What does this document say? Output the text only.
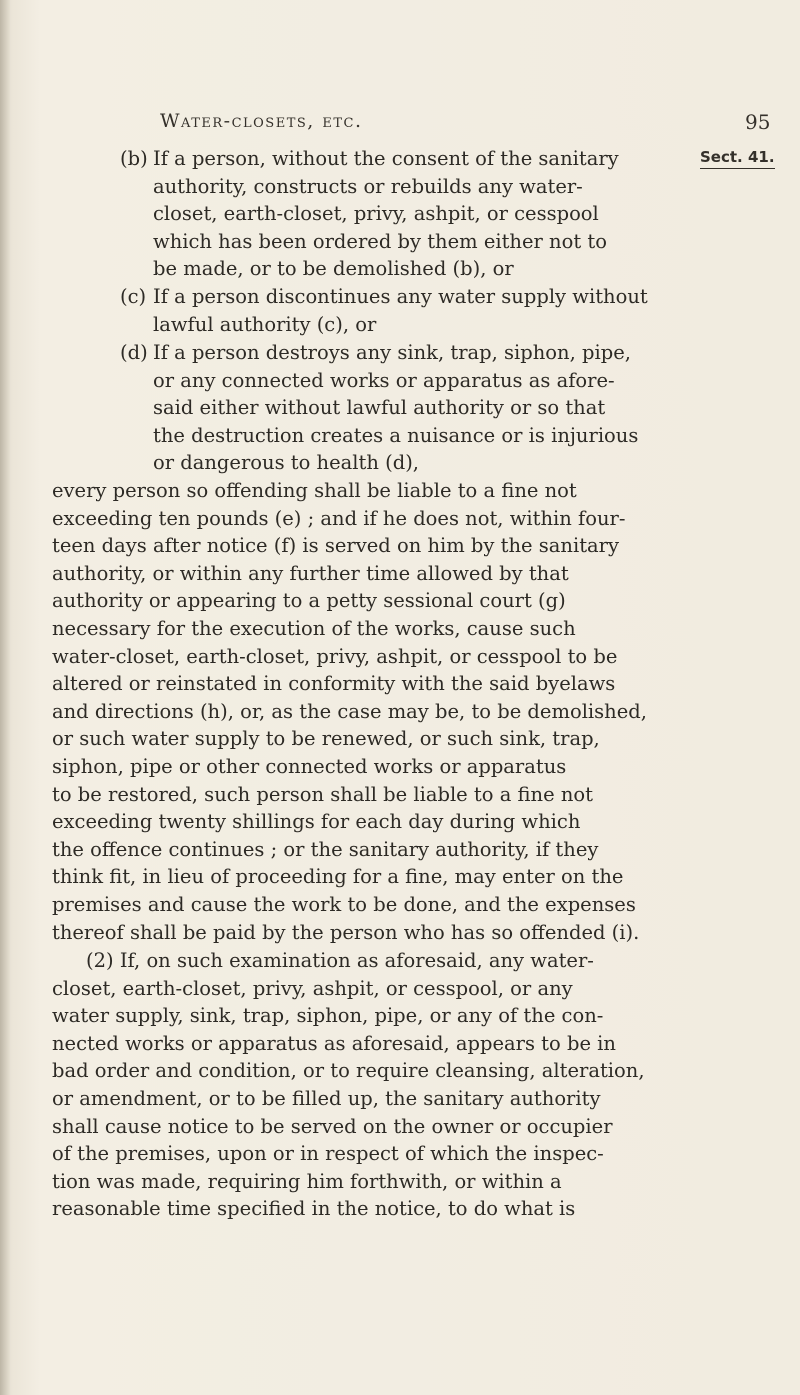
Water-closets, etc.	95
Sect. 41.
(b) If a person, without the consent of the sanitary
authority, constructs or rebuilds any water-
closet, earth-closet, privy, ashpit, or cesspool
which has been ordered by them either not to
be made, or to be demolished (b), or
(c) If a person discontinues any water supply without
lawful authority (c), or
(d) If a person destroys any sink, trap, siphon, pipe,
or any connected works or apparatus as afore-
said either without lawful authority or so that
the destruction creates a nuisance or is injurious
or dangerous to health (d),
every person so offending shall be liable to a fine not
exceeding ten pounds (e) ; and if he does not, within four-
teen days after notice (f) is served on him by the sanitary
authority, or within any further time allowed by that
authority or appearing to a petty sessional court (g)
necessary for the execution of the works, cause such
water-closet, earth-closet, privy, ashpit, or cesspool to be
altered or reinstated in conformity with the said byelaws
and directions (h), or, as the case may be, to be demolished,
or such water supply to be renewed, or such sink, trap,
siphon, pipe or other connected works or apparatus
to be restored, such person shall be liable to a fine not
exceeding twenty shillings for each day during which
the offence continues ; or the sanitary authority, if they
think fit, in lieu of proceeding for a fine, may enter on the
premises and cause the work to be done, and the expenses
thereof shall be paid by the person who has so offended (i).
(2) If, on such examination as aforesaid, any water-
closet, earth-closet, privy, ashpit, or cesspool, or any
water supply, sink, trap, siphon, pipe, or any of the con-
nected works or apparatus as aforesaid, appears to be in
bad order and condition, or to require cleansing, alteration,
or amendment, or to be filled up, the sanitary authority
shall cause notice to be served on the owner or occupier
of the premises, upon or in respect of which the inspec-
tion was made, requiring him forthwith, or within a
reasonable time specified in the notice, to do what is
